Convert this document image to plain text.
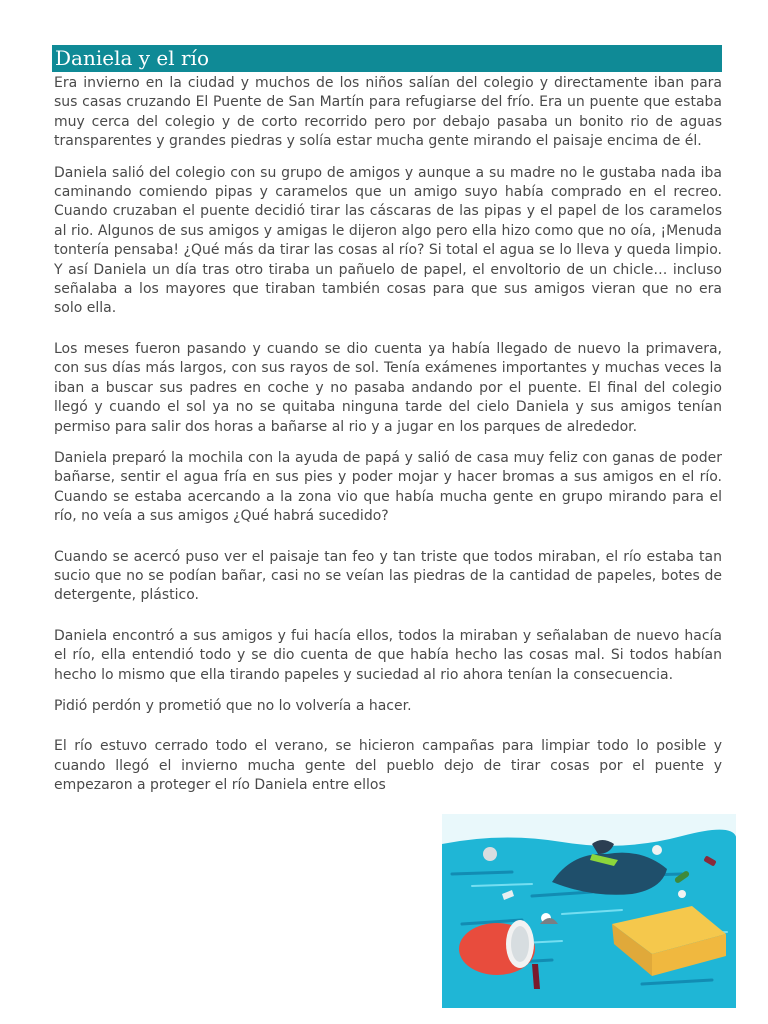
Daniela y el río

Era invierno en la ciudad y muchos de los niños salían del colegio y directamente iban para sus casas cruzando El Puente de San Martín para refugiarse del frío. Era un puente que estaba muy cerca del colegio y de corto recorrido pero por debajo pasaba un bonito rio de aguas transparentes y grandes piedras y solía estar mucha gente mirando el paisaje encima de él.

Daniela salió del colegio con su grupo de amigos y aunque a su madre no le gustaba nada iba caminando comiendo pipas y caramelos que un amigo suyo había comprado en el recreo. Cuando cruzaban el puente decidió tirar las cáscaras de las pipas y el papel de los caramelos al rio. Algunos de sus amigos y amigas le dijeron algo pero ella hizo como que no oía, ¡Menuda tontería pensaba! ¿Qué más da tirar las cosas al río? Si total el agua se lo lleva y queda limpio. Y así Daniela un día tras otro tiraba un pañuelo de papel, el envoltorio de un chicle… incluso señalaba a los mayores que tiraban también cosas para que sus amigos vieran que no era solo ella.

Los meses fueron pasando y cuando se dio cuenta ya había llegado de nuevo la primavera, con sus días más largos, con sus rayos de sol. Tenía exámenes importantes y muchas veces la iban a buscar sus padres en coche y no pasaba andando por el puente. El final del colegio llegó y cuando el sol ya no se quitaba ninguna tarde del cielo Daniela y sus amigos tenían permiso para salir dos horas a bañarse al rio y a jugar en los parques de alrededor.

Daniela preparó la mochila con la ayuda de papá y salió de casa muy feliz con ganas de poder bañarse, sentir el agua fría en sus pies y poder mojar y hacer bromas a sus amigos en el río. Cuando se estaba acercando a la zona vio que había mucha gente en grupo mirando para el río, no veía a sus amigos ¿Qué habrá sucedido?

Cuando se acercó puso ver el paisaje tan feo y tan triste que todos miraban, el río estaba tan sucio que no se podían bañar, casi no se veían las piedras de la cantidad de papeles, botes de detergente, plástico.

Daniela encontró a sus amigos y fui hacía ellos, todos la miraban y señalaban de nuevo hacía el río, ella entendió todo y se dio cuenta de que había hecho las cosas mal. Si todos habían hecho lo mismo que ella tirando papeles y suciedad al rio ahora tenían la consecuencia.

Pidió perdón y prometió que no lo volvería a hacer.

El río estuvo cerrado todo el verano, se hicieron campañas para limpiar todo lo posible y cuando llegó el invierno mucha gente del pueblo dejo de tirar cosas por el puente y empezaron a proteger el río Daniela entre ellos
